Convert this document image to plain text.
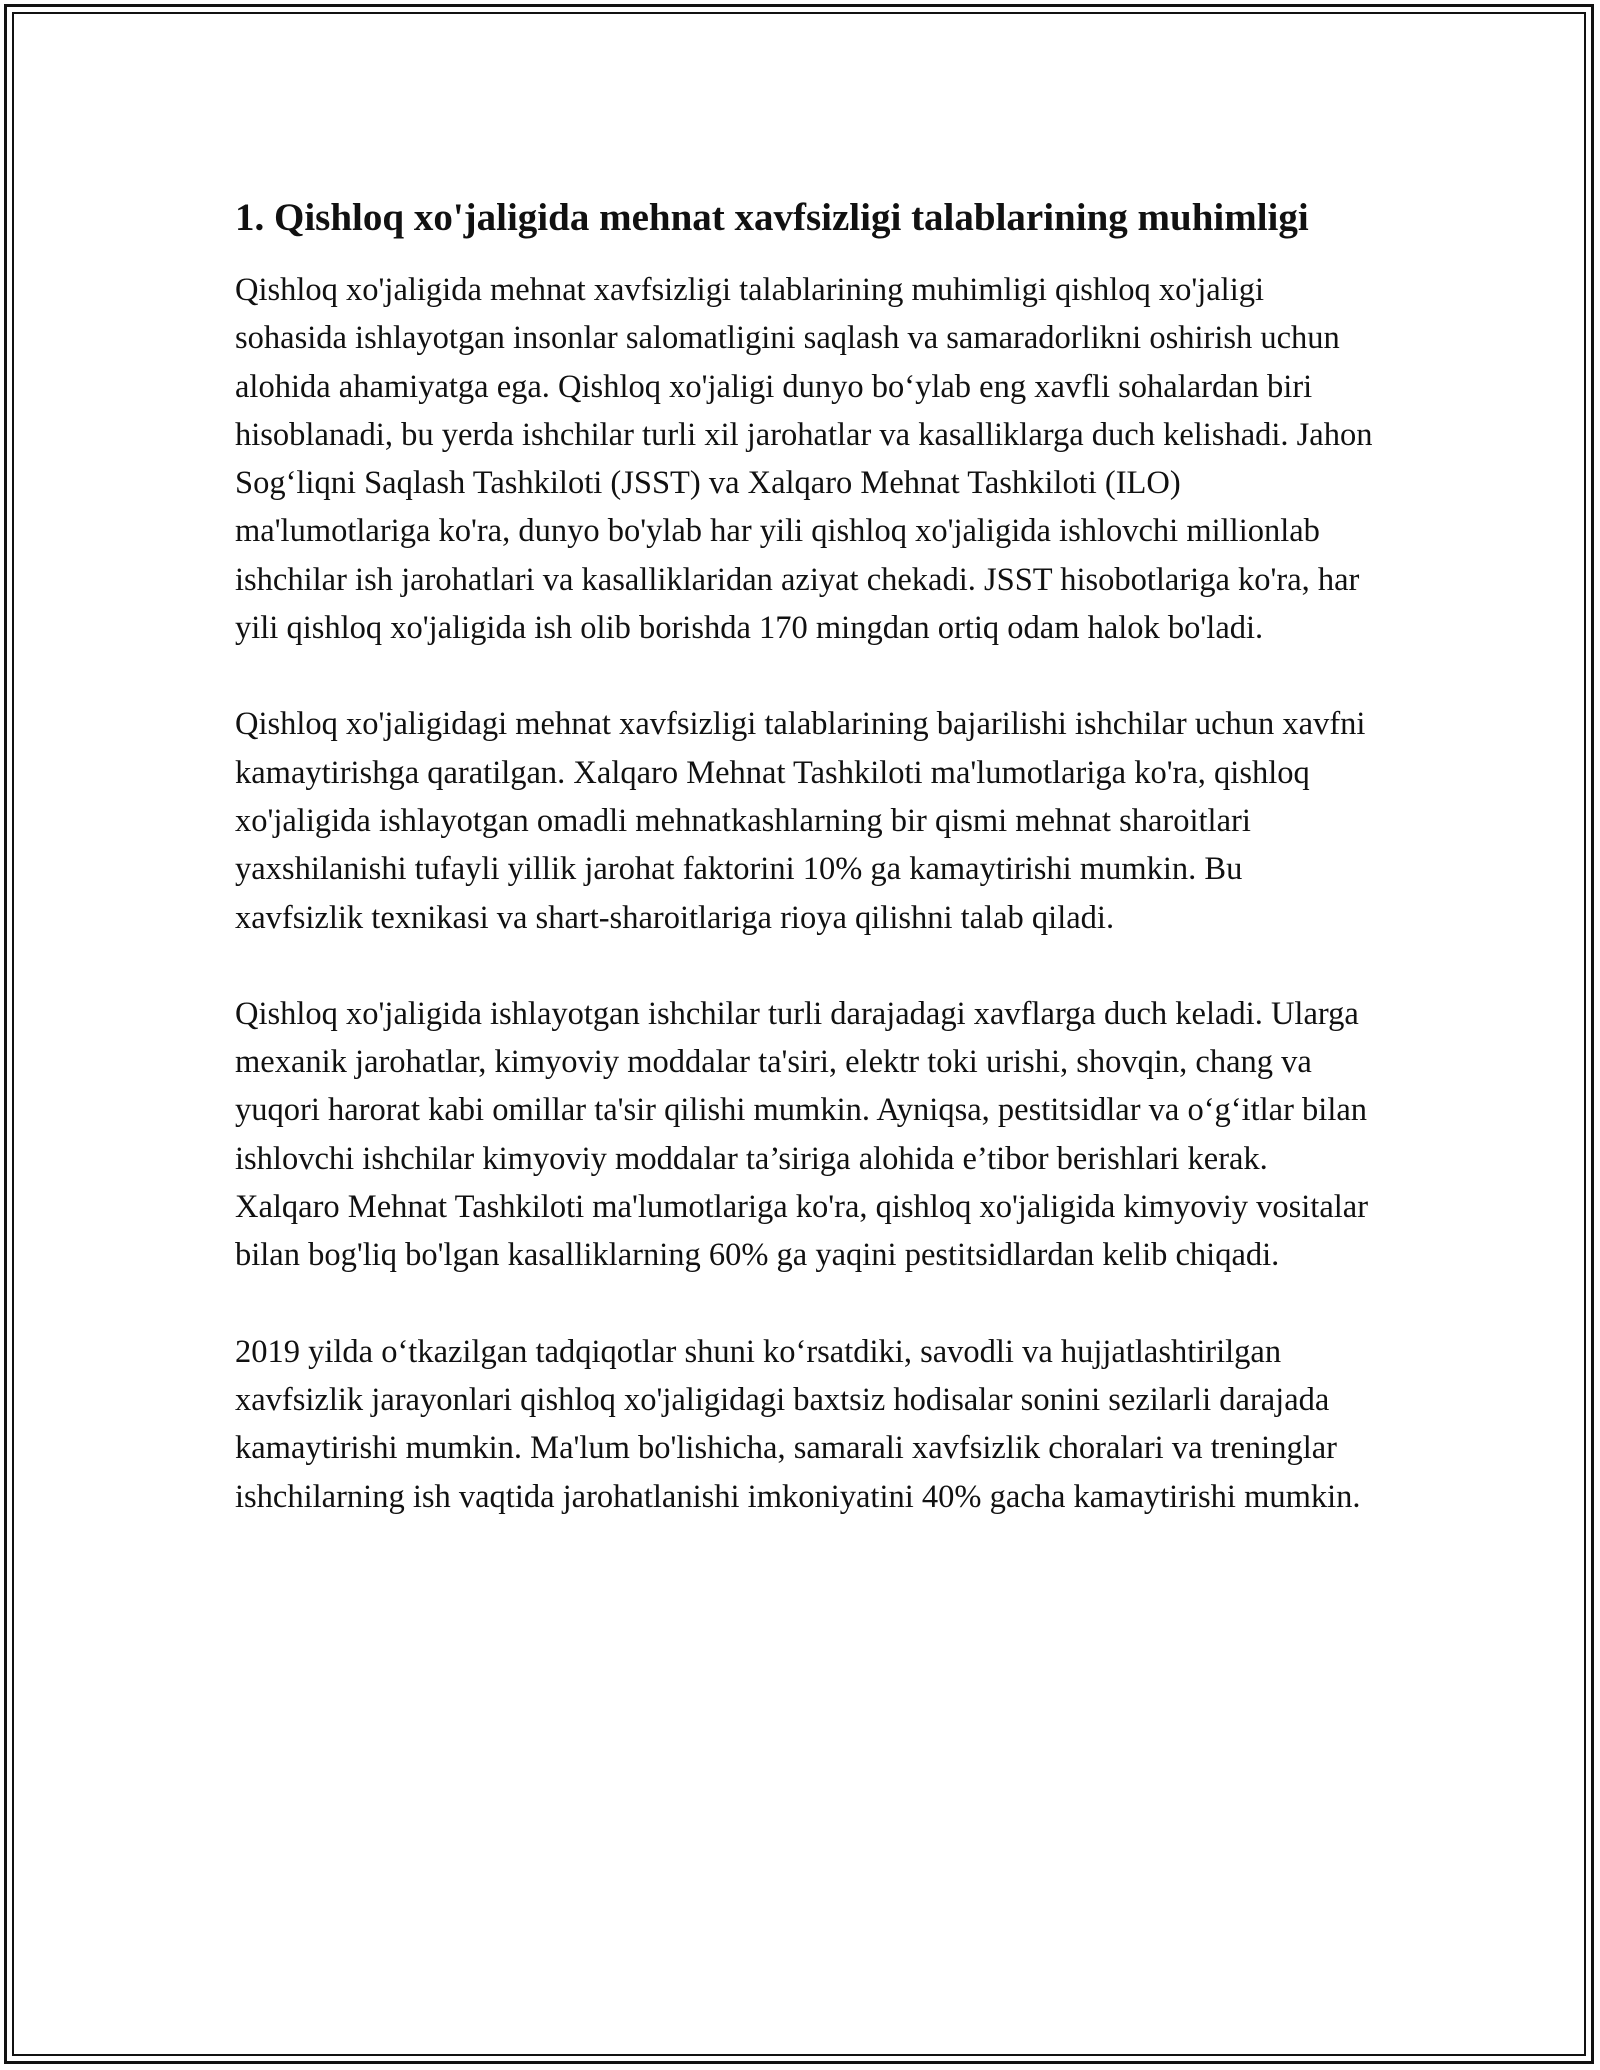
1. Qishloq xo'jaligida mehnat xavfsizligi talablarining muhimligi

Qishloq xo'jaligida mehnat xavfsizligi talablarining muhimligi qishloq xo'jaligi sohasida ishlayotgan insonlar salomatligini saqlash va samaradorlikni oshirish uchun alohida ahamiyatga ega. Qishloq xo'jaligi dunyo bo‘ylab eng xavfli sohalardan biri hisoblanadi, bu yerda ishchilar turli xil jarohatlar va kasalliklarga duch kelishadi. Jahon Sog‘liqni Saqlash Tashkiloti (JSST) va Xalqaro Mehnat Tashkiloti (ILO) ma'lumotlariga ko'ra, dunyo bo'ylab har yili qishloq xo'jaligida ishlovchi millionlab ishchilar ish jarohatlari va kasalliklaridan aziyat chekadi. JSST hisobotlariga ko'ra, har yili qishloq xo'jaligida ish olib borishda 170 mingdan ortiq odam halok bo'ladi.

Qishloq xo'jaligidagi mehnat xavfsizligi talablarining bajarilishi ishchilar uchun xavfni kamaytirishga qaratilgan. Xalqaro Mehnat Tashkiloti ma'lumotlariga ko'ra, qishloq xo'jaligida ishlayotgan omadli mehnatkashlarning bir qismi mehnat sharoitlari yaxshilanishi tufayli yillik jarohat faktorini 10% ga kamaytirishi mumkin. Bu xavfsizlik texnikasi va shart-sharoitlariga rioya qilishni talab qiladi.

Qishloq xo'jaligida ishlayotgan ishchilar turli darajadagi xavflarga duch keladi. Ularga mexanik jarohatlar, kimyoviy moddalar ta'siri, elektr toki urishi, shovqin, chang va yuqori harorat kabi omillar ta'sir qilishi mumkin. Ayniqsa, pestitsidlar va o‘g‘itlar bilan ishlovchi ishchilar kimyoviy moddalar ta’siriga alohida e’tibor berishlari kerak. Xalqaro Mehnat Tashkiloti ma'lumotlariga ko'ra, qishloq xo'jaligida kimyoviy vositalar bilan bog'liq bo'lgan kasalliklarning 60% ga yaqini pestitsidlardan kelib chiqadi.

2019 yilda o‘tkazilgan tadqiqotlar shuni ko‘rsatdiki, savodli va hujjatlashtirilgan xavfsizlik jarayonlari qishloq xo'jaligidagi baxtsiz hodisalar sonini sezilarli darajada kamaytirishi mumkin. Ma'lum bo'lishicha, samarali xavfsizlik choralari va treninglar ishchilarning ish vaqtida jarohatlanishi imkoniyatini 40% gacha kamaytirishi mumkin.
